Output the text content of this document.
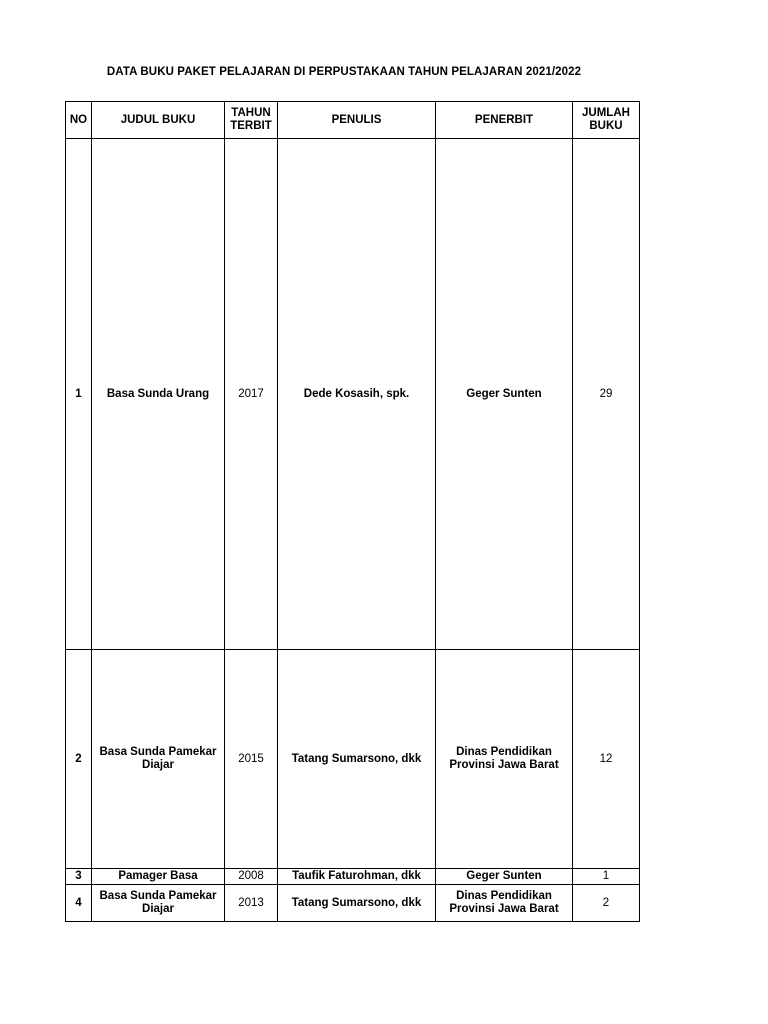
DATA BUKU PAKET PELAJARAN DI PERPUSTAKAAN TAHUN PELAJARAN 2021/2022
NO	JUDUL BUKU	TAHUN TERBIT	PENULIS	PENERBIT	JUMLAH BUKU
1	Basa Sunda Urang	2017	Dede Kosasih, spk.	Geger Sunten	29
2	Basa Sunda Pamekar Diajar	2015	Tatang Sumarsono, dkk	Dinas Pendidikan Provinsi Jawa Barat	12
3	Pamager Basa	2008	Taufik Faturohman, dkk	Geger Sunten	1
4	Basa Sunda Pamekar Diajar	2013	Tatang Sumarsono, dkk	Dinas Pendidikan Provinsi Jawa Barat	2
